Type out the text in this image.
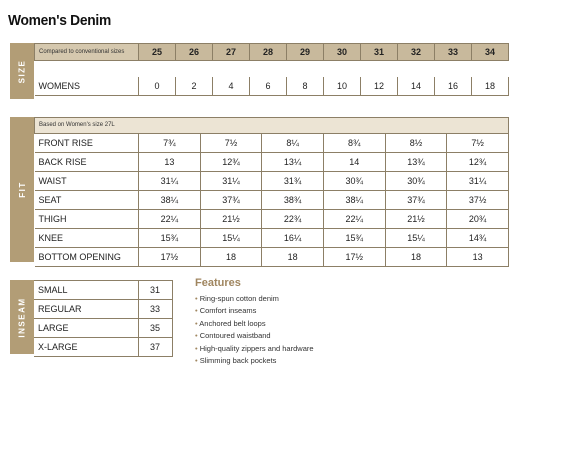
Women's Denim
SIZE
Compared to conventional sizes	25	26	27	28	29	30	31	32	33	34

WOMENS	0	2	4	6	8	10	12	14	16	18
FIT
Based on Women's size 27L						
FRONT RISE	7¾	7½	8¼	8¾	8½	7½
BACK RISE	13	12¾	13¼	14	13¾	12¾
WAIST	31¼	31¼	31¾	30¾	30¾	31¼
SEAT	38¼	37¾	38¾	38¼	37¾	37½
THIGH	22¼	21½	22¾	22¼	21½	20¾
KNEE	15¾	15¼	16¼	15¾	15¼	14¾
BOTTOM OPENING	17½	18	18	17½	18	13
INSEAM
SMALL	31
REGULAR	33
LARGE	35
X-LARGE	37
Features
• Ring-spun cotton denim
• Comfort inseams
• Anchored belt loops
• Contoured waistband
• High-quality zippers and hardware
• Slimming back pockets
